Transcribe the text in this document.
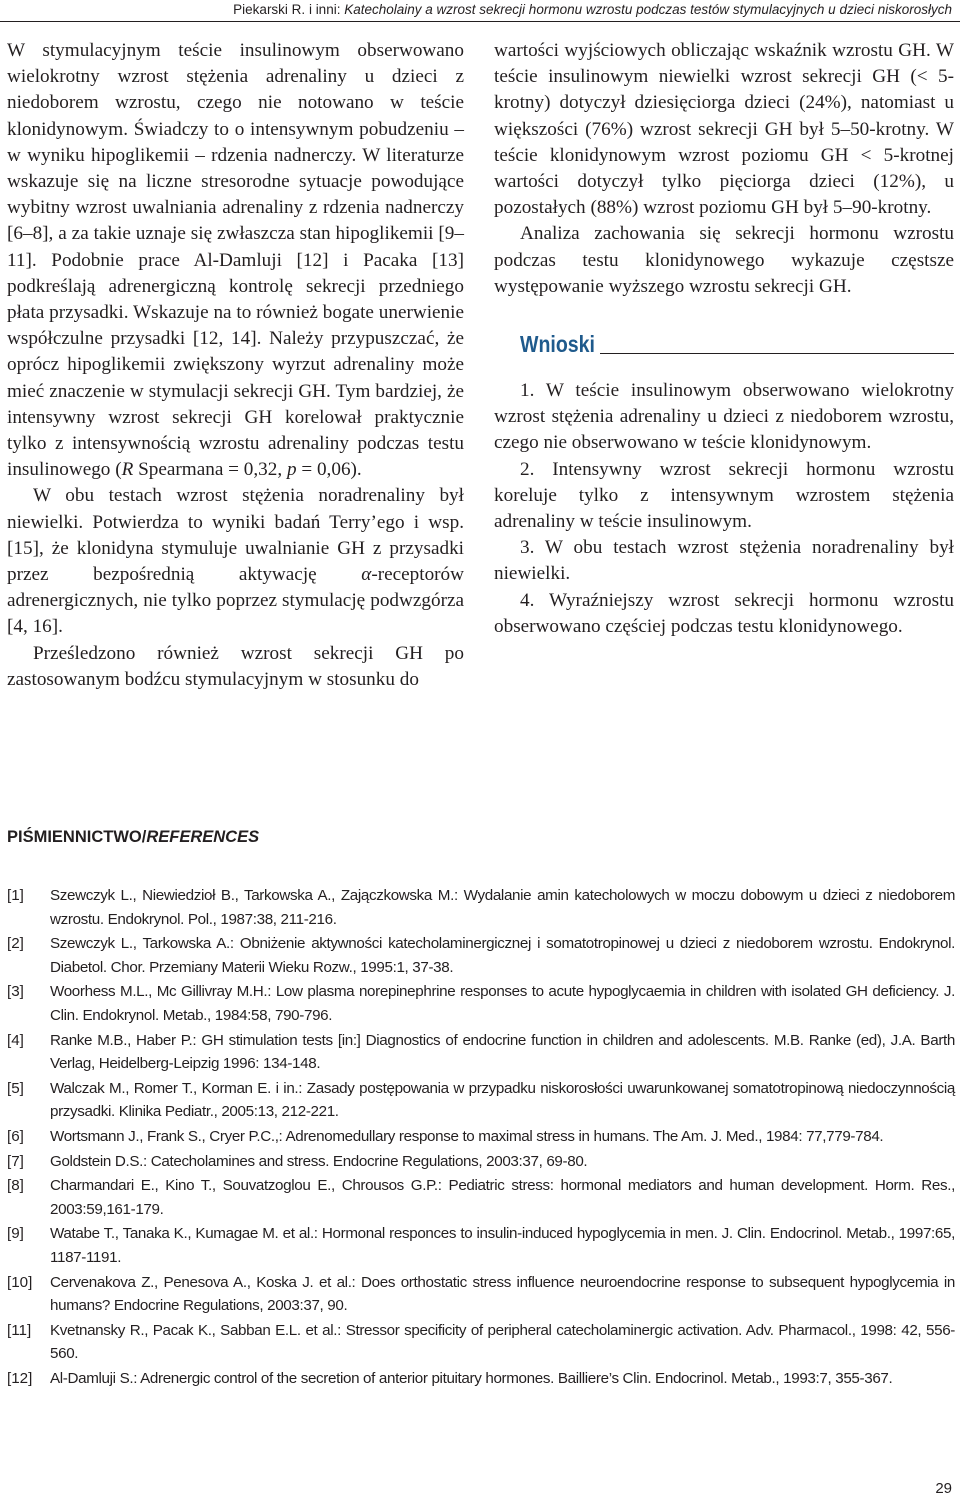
Piekarski R. i inni: Katecholainy a wzrost sekrecji hormonu wzrostu podczas testów stymulacyjnych u dzieci niskorosłych

W stymulacyjnym teście insulinowym obserwowano wielokrotny wzrost stężenia adrenaliny u dzieci z niedoborem wzrostu, czego nie notowano w teście klonidynowym. Świadczy to o intensywnym pobudzeniu – w wyniku hipoglikemii – rdzenia nadnerczy. W literaturze wskazuje się na liczne stresorodne sytuacje powodujące wybitny wzrost uwalniania adrenaliny z rdzenia nadnerczy [6–8], a za takie uznaje się zwłaszcza stan hipoglikemii [9–11]. Podobnie prace Al-Damluji [12] i Pacaka [13] podkreślają adrenergiczną kontrolę sekrecji przedniego płata przysadki. Wskazuje na to również bogate unerwienie współczulne przysadki [12, 14]. Należy przypuszczać, że oprócz hipoglikemii zwiększony wyrzut adrenaliny może mieć znaczenie w stymulacji sekrecji GH. Tym bardziej, że intensywny wzrost sekrecji GH korelował praktycznie tylko z intensywnością wzrostu adrenaliny podczas testu insulinowego (R Spearmana = 0,32, p = 0,06).

W obu testach wzrost stężenia noradrenaliny był niewielki. Potwierdza to wyniki badań Terry’ego i wsp. [15], że klonidyna stymuluje uwalnianie GH z przysadki przez bezpośrednią aktywację α-receptorów adrenergicznych, nie tylko poprzez stymulację podwzgórza [4, 16].

Prześledzono również wzrost sekrecji GH po zastosowanym bodźcu stymulacyjnym w stosunku do

wartości wyjściowych obliczając wskaźnik wzrostu GH. W teście insulinowym niewielki wzrost sekrecji GH (< 5-krotny) dotyczył dziesięciorga dzieci (24%), natomiast u większości (76%) wzrost sekrecji GH był 5–50-krotny. W teście klonidynowym wzrost poziomu GH < 5-krotnej wartości dotyczył tylko pięciorga dzieci (12%), u pozostałych (88%) wzrost poziomu GH był 5–90-krotny.

Analiza zachowania się sekrecji hormonu wzrostu podczas testu klonidynowego wykazuje częstsze występowanie wyższego wzrostu sekrecji GH.

Wnioski

1. W teście insulinowym obserwowano wielokrotny wzrost stężenia adrenaliny u dzieci z niedoborem wzrostu, czego nie obserwowano w teście klonidynowym.

2. Intensywny wzrost sekrecji hormonu wzrostu koreluje tylko z intensywnym wzrostem stężenia adrenaliny w teście insulinowym.

3. W obu testach wzrost stężenia noradrenaliny był niewielki.

4. Wyraźniejszy wzrost sekrecji hormonu wzrostu obserwowano częściej podczas testu klonidynowego.

PIŚMIENNICTWO/REFERENCES
[1]	Szewczyk L., Niewiedzioł B., Tarkowska A., Zajączkowska M.: Wydalanie amin katecholowych w moczu dobowym u dzieci z niedoborem wzrostu. Endokrynol. Pol., 1987:38, 211-216.
[2]	Szewczyk L., Tarkowska A.: Obniżenie aktywności katecholaminergicznej i somatotropinowej u dzieci z niedoborem wzrostu. Endokrynol. Diabetol. Chor. Przemiany Materii Wieku Rozw., 1995:1, 37-38.
[3]	Woorhess M.L., Mc Gillivray M.H.: Low plasma norepinephrine responses to acute hypoglycaemia in children with isolated GH deficiency. J. Clin. Endokrynol. Metab., 1984:58, 790-796.
[4]	Ranke M.B., Haber P.: GH stimulation tests [in:] Diagnostics of endocrine function in children and adolescents. M.B. Ranke (ed), J.A. Barth Verlag, Heidelberg-Leipzig 1996: 134-148.
[5]	Walczak M., Romer T., Korman E. i in.: Zasady postępowania w przypadku niskorosłości uwarunkowanej somatotropinową niedoczynnością przysadki. Klinika Pediatr., 2005:13, 212-221.
[6]	Wortsmann J., Frank S., Cryer P.C.,: Adrenomedullary response to maximal stress in humans. The Am. J. Med., 1984: 77,779-784.
[7]	Goldstein D.S.: Catecholamines and stress. Endocrine Regulations, 2003:37, 69-80.
[8]	Charmandari E., Kino T., Souvatzoglou E., Chrousos G.P.: Pediatric stress: hormonal mediators and human development. Horm. Res., 2003:59,161-179.
[9]	Watabe T., Tanaka K., Kumagae M. et al.: Hormonal responces to insulin-induced hypoglycemia in men. J. Clin. Endocrinol. Metab., 1997:65, 1187-1191.
[10]	Cervenakova Z., Penesova A., Koska J. et al.: Does orthostatic stress influence neuroendocrine response to subsequent hypoglycemia in humans? Endocrine Regulations, 2003:37, 90.
[11]	Kvetnansky R., Pacak K., Sabban E.L. et al.: Stressor specificity of peripheral catecholaminergic activation. Adv. Pharmacol., 1998: 42, 556-560.
[12]	Al-Damluji S.: Adrenergic control of the secretion of anterior pituitary hormones. Bailliere’s Clin. Endocrinol. Metab., 1993:7, 355-367.
29
